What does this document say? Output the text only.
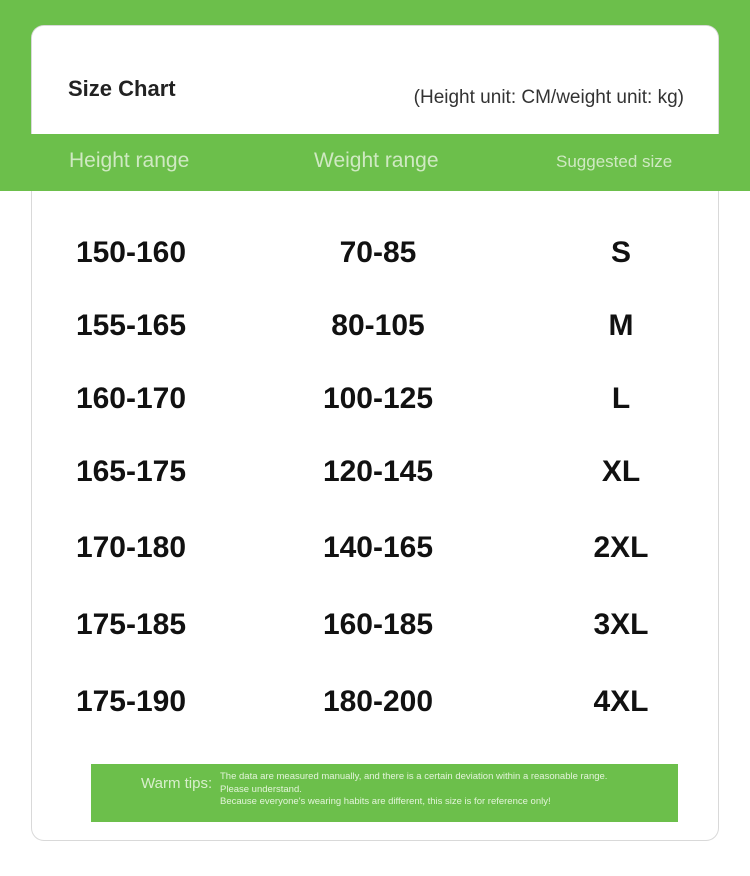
Size Chart	(Height unit: CM/weight unit: kg)
Height range	Weight range	Suggested size
150-160	70-85	S
155-165	80-105	M
160-170	100-125	L
165-175	120-145	XL
170-180	140-165	2XL
175-185	160-185	3XL
175-190	180-200	4XL
Warm tips: The data are measured manually, and there is a certain deviation within a reasonable range.
Please understand.
Because everyone's wearing habits are different, this size is for reference only!
